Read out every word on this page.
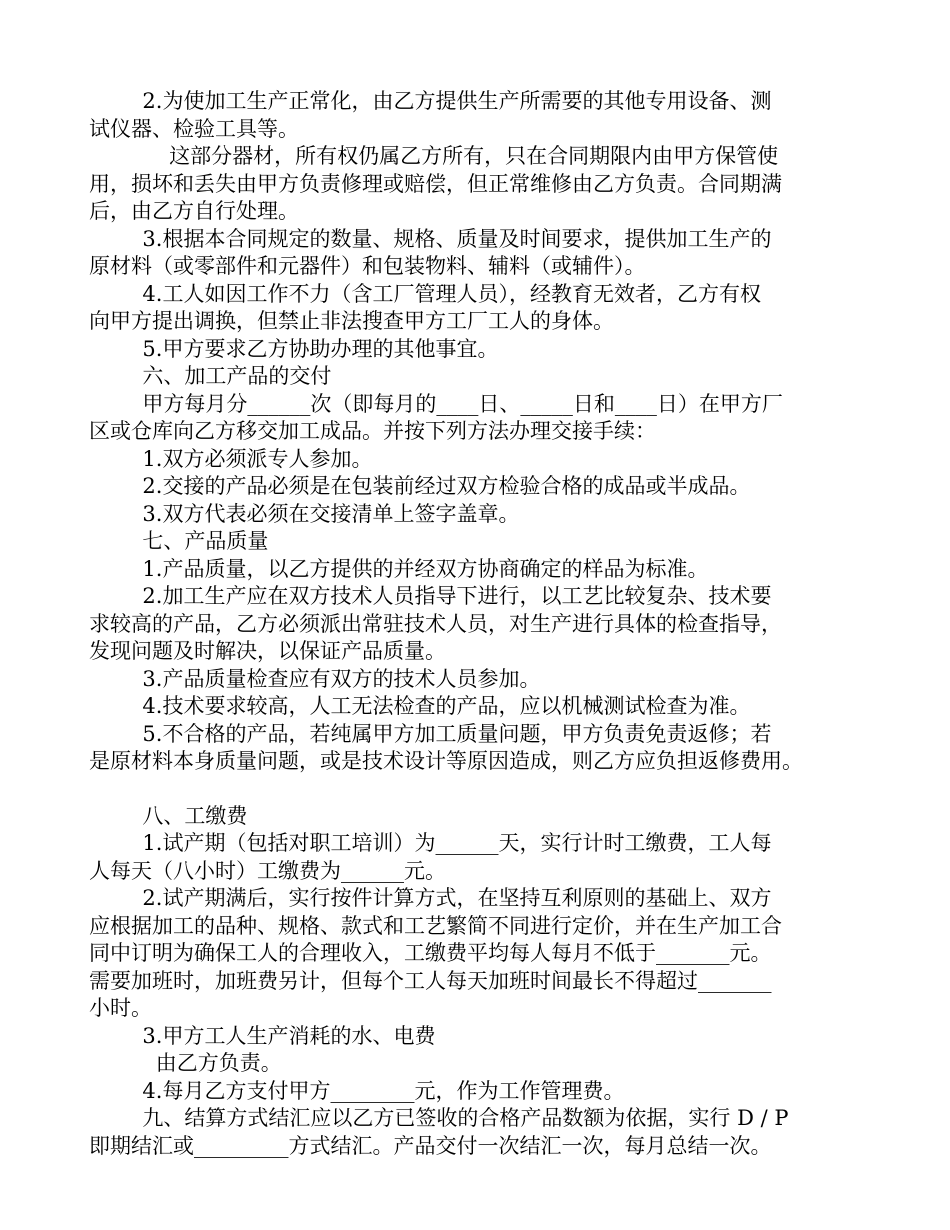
2.为使加工生产正常化，由乙方提供生产所需要的其他专用设备、测

试仪器、检验工具等。

这部分器材，所有权仍属乙方所有，只在合同期限内由甲方保管使

用，损坏和丢失由甲方负责修理或赔偿，但正常维修由乙方负责。合同期满

后，由乙方自行处理。

3.根据本合同规定的数量、规格、质量及时间要求，提供加工生产的

原材料（或零部件和元器件）和包装物料、辅料（或辅件）。

4.工人如因工作不力（含工厂管理人员），经教育无效者，乙方有权

向甲方提出调换，但禁止非法搜查甲方工厂工人的身体。

5.甲方要求乙方协助办理的其他事宜。

六、加工产品的交付

甲方每月分______次（即每月的____日、_____日和____日）在甲方厂

区或仓库向乙方移交加工成品。并按下列方法办理交接手续：

1.双方必须派专人参加。

2.交接的产品必须是在包装前经过双方检验合格的成品或半成品。

3.双方代表必须在交接清单上签字盖章。

七、产品质量

1.产品质量，以乙方提供的并经双方协商确定的样品为标准。

2.加工生产应在双方技术人员指导下进行，以工艺比较复杂、技术要

求较高的产品，乙方必须派出常驻技术人员，对生产进行具体的检查指导，

发现问题及时解决，以保证产品质量。

3.产品质量检查应有双方的技术人员参加。

4.技术要求较高，人工无法检查的产品，应以机械测试检查为准。

5.不合格的产品，若纯属甲方加工质量问题，甲方负责免责返修；若

是原材料本身质量问题，或是技术设计等原因造成，则乙方应负担返修费用。

八、工缴费

1.试产期（包括对职工培训）为______天，实行计时工缴费，工人每

人每天（八小时）工缴费为______元。

2.试产期满后，实行按件计算方式，在坚持互利原则的基础上、双方

应根据加工的品种、规格、款式和工艺繁简不同进行定价，并在生产加工合

同中订明为确保工人的合理收入，工缴费平均每人每月不低于_______元。

需要加班时，加班费另计，但每个工人每天加班时间最长不得超过_______

小时。

3.甲方工人生产消耗的水、电费

由乙方负责。

4.每月乙方支付甲方________元，作为工作管理费。

九、结算方式结汇应以乙方已签收的合格产品数额为依据，实行 D / P

即期结汇或_________方式结汇。产品交付一次结汇一次，每月总结一次。
